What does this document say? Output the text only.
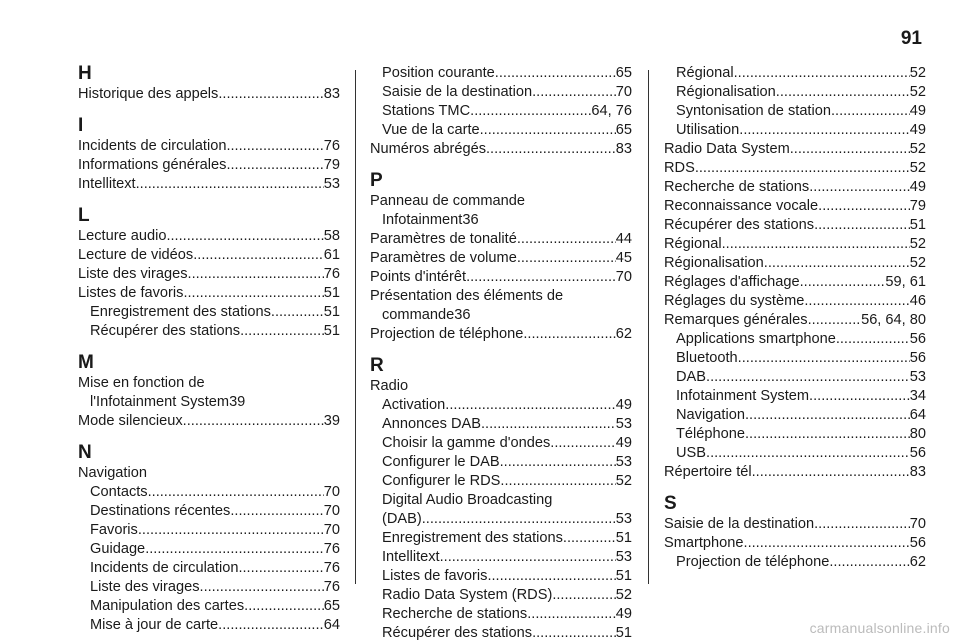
91
H
Historique des appels .....	83
I
Incidents de circulation .....	76
Informations générales .....	79
Intellitext .....	53
L
Lecture audio .....	58
Lecture de vidéos .....	61
Liste des virages .....	76
Listes de favoris .....	51
Enregistrement des stations .....	51
Récupérer des stations .....	51
M
Mise en fonction de
l'Infotainment System 39
Mode silencieux .....	39
N
Navigation
Contacts .....	70
Destinations récentes .....	70
Favoris .....	70
Guidage .....	76
Incidents de circulation .....	76
Liste des virages .....	76
Manipulation des cartes .....	65
Mise à jour de carte .....	64
Position courante .....	65
Saisie de la destination .....	70
Stations TMC .....	64, 76
Vue de la carte .....	65
Numéros abrégés .....	83
P
Panneau de commande
Infotainment 36
Paramètres de tonalité .....	44
Paramètres de volume .....	45
Points d'intérêt .....	70
Présentation des éléments de
commande 36
Projection de téléphone .....	62
R
Radio
Activation .....	49
Annonces DAB .....	53
Choisir la gamme d'ondes .....	49
Configurer le DAB .....	53
Configurer le RDS .....	52
Digital Audio Broadcasting
(DAB) .....	53
Enregistrement des stations .....	51
Intellitext .....	53
Listes de favoris .....	51
Radio Data System (RDS) .....	52
Recherche de stations .....	49
Récupérer des stations .....	51
Régional .....	52
Régionalisation .....	52
Syntonisation de station .....	49
Utilisation .....	49
Radio Data System .....	52
RDS .....	52
Recherche de stations .....	49
Reconnaissance vocale .....	79
Récupérer des stations .....	51
Régional .....	52
Régionalisation .....	52
Réglages d'affichage .....	59, 61
Réglages du système .....	46
Remarques générales .....	56, 64, 80
Applications smartphone .....	56
Bluetooth .....	56
DAB .....	53
Infotainment System .....	34
Navigation .....	64
Téléphone .....	80
USB .....	56
Répertoire tél .....	83
S
Saisie de la destination .....	70
Smartphone .....	56
Projection de téléphone .....	62
carmanualsonline.info
